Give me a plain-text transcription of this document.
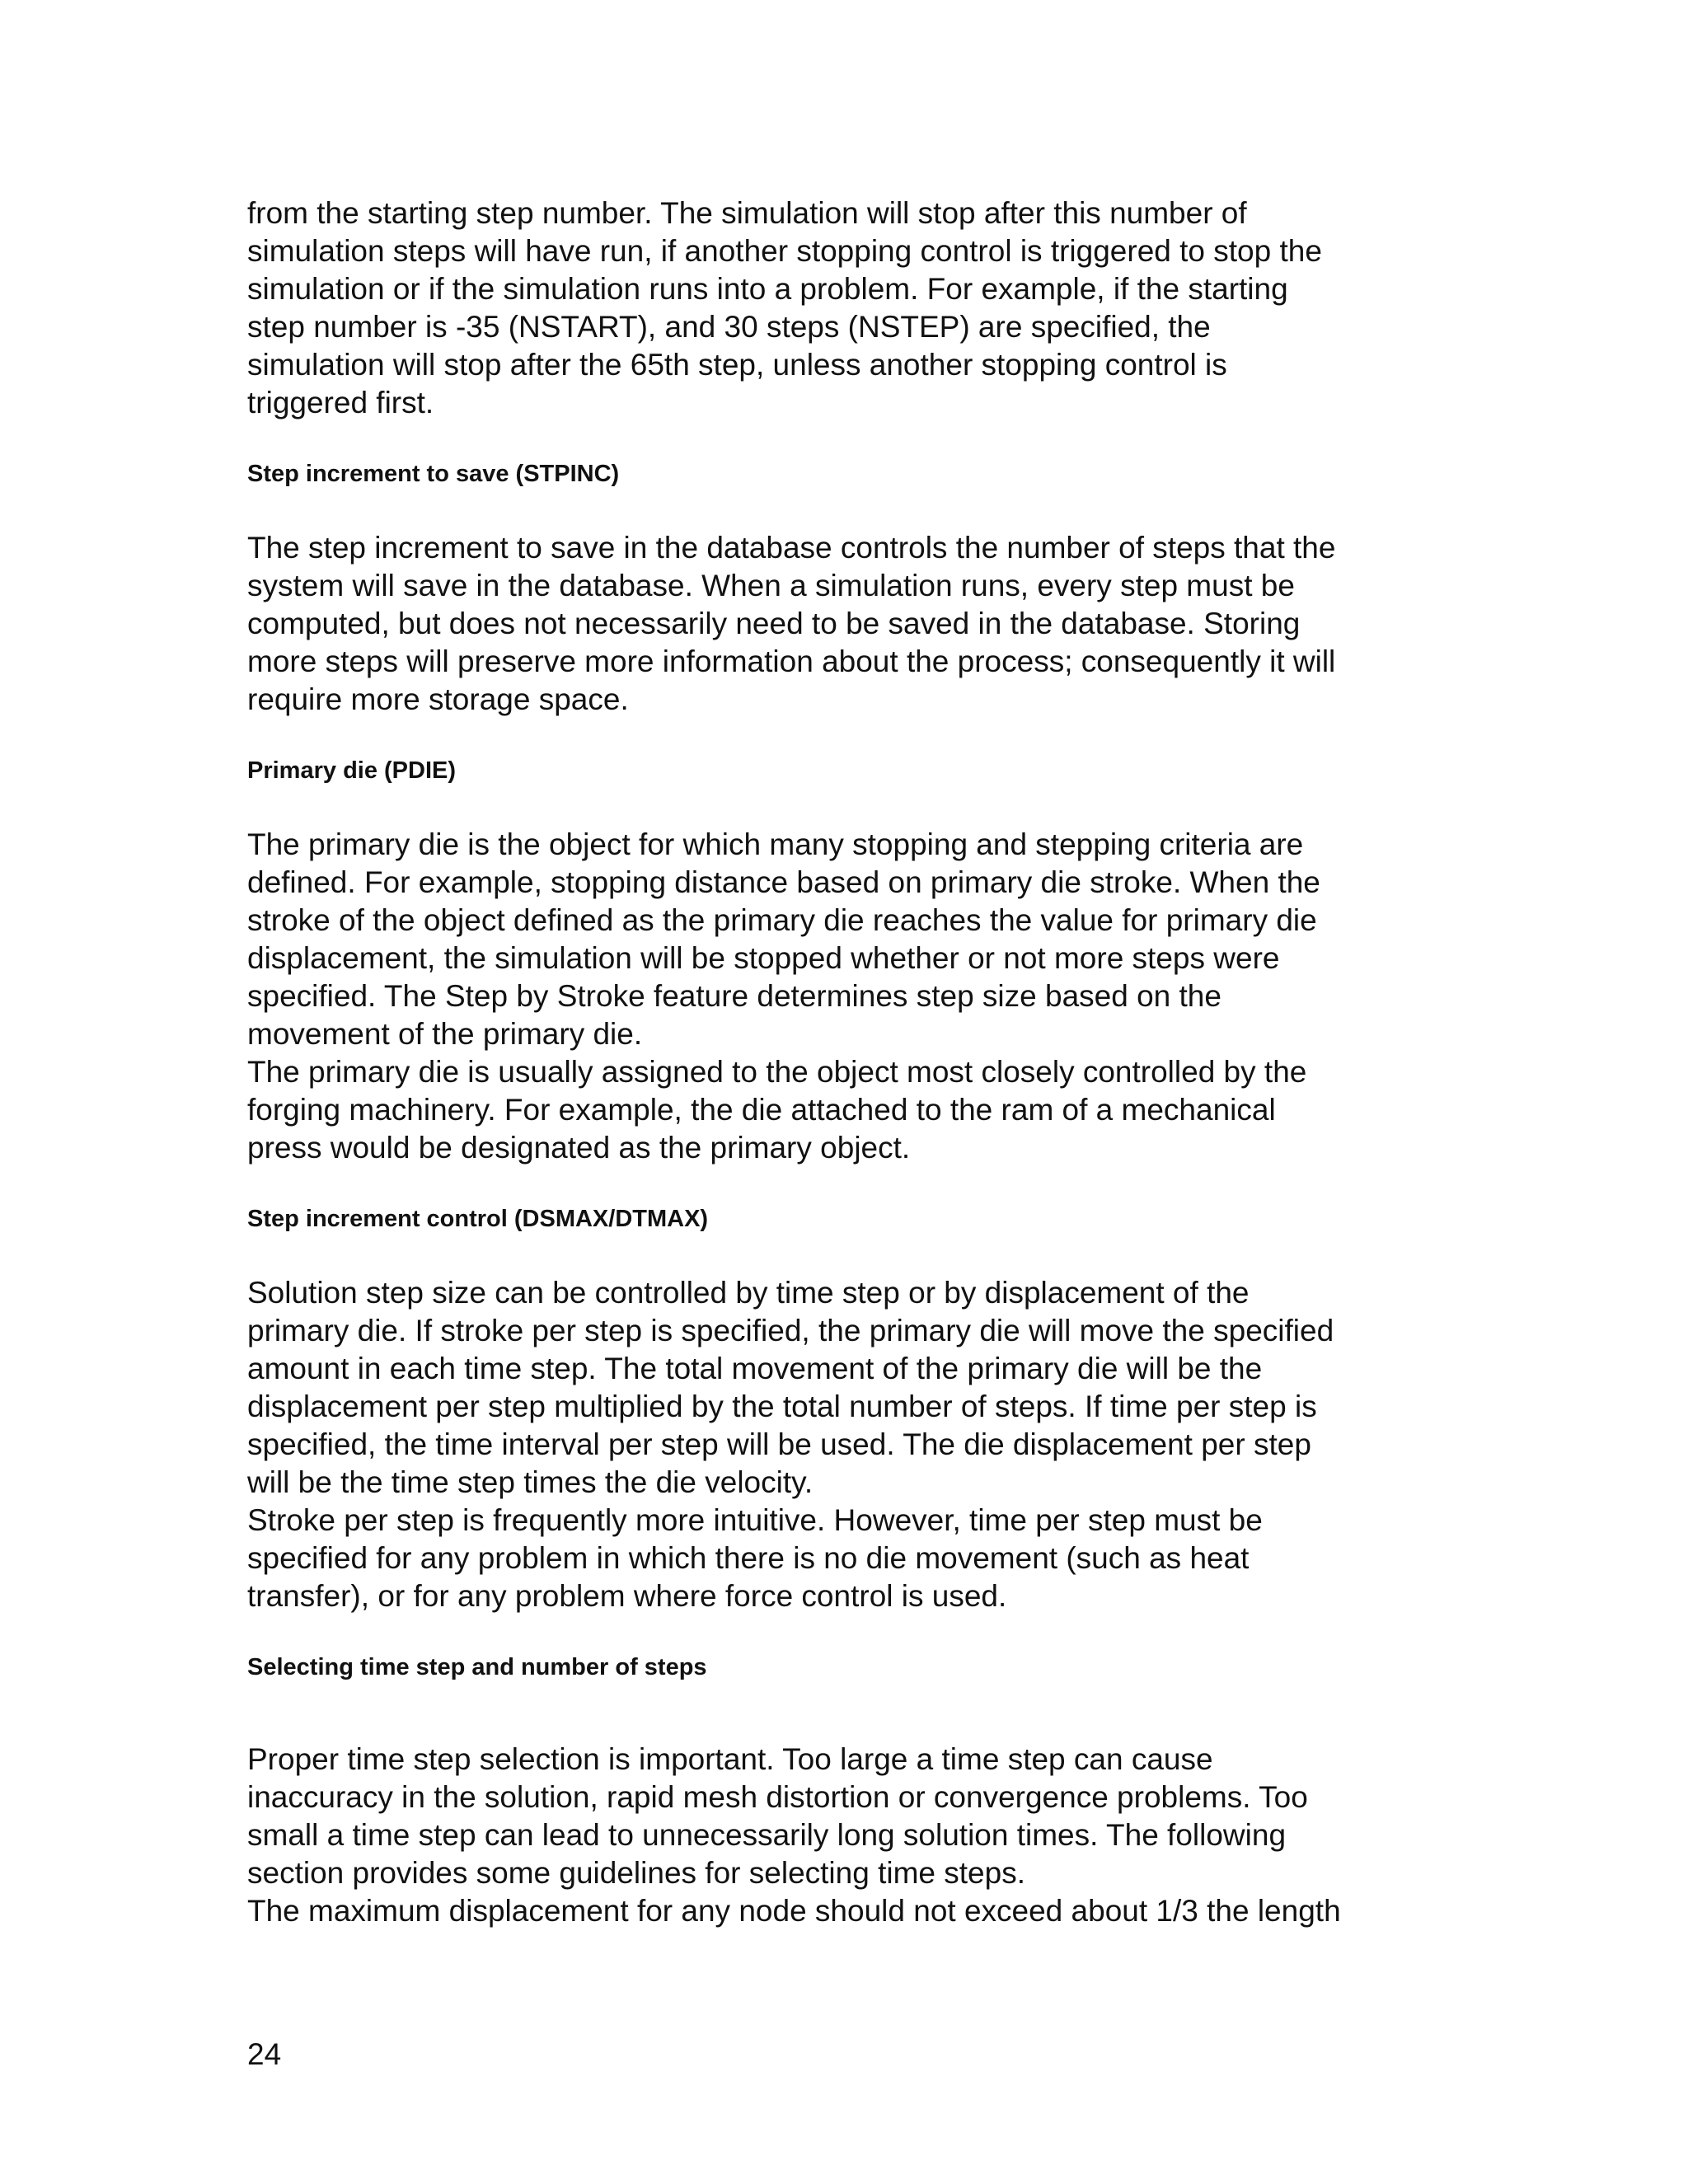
from the starting step number. The simulation will stop after this number of
simulation steps will have run, if another stopping control is triggered to stop the
simulation or if the simulation runs into a problem. For example, if the starting
step number is -35 (NSTART), and 30 steps (NSTEP) are specified, the
simulation will stop after the 65th step, unless another stopping control is
triggered first.

Step increment to save (STPINC)

The step increment to save in the database controls the number of steps that the
system will save in the database. When a simulation runs, every step must be
computed, but does not necessarily need to be saved in the database. Storing
more steps will preserve more information about the process; consequently it will
require more storage space.

Primary die (PDIE)

The primary die is the object for which many stopping and stepping criteria are
defined. For example, stopping distance based on primary die stroke. When the
stroke of the object defined as the primary die reaches the value for primary die
displacement, the simulation will be stopped whether or not more steps were
specified. The Step by Stroke feature determines step size based on the
movement of the primary die.
The primary die is usually assigned to the object most closely controlled by the
forging machinery. For example, the die attached to the ram of a mechanical
press would be designated as the primary object.

Step increment control (DSMAX/DTMAX)

Solution step size can be controlled by time step or by displacement of the
primary die. If stroke per step is specified, the primary die will move the specified
amount in each time step. The total movement of the primary die will be the
displacement per step multiplied by the total number of steps. If time per step is
specified, the time interval per step will be used. The die displacement per step
will be the time step times the die velocity.
Stroke per step is frequently more intuitive. However, time per step must be
specified for any problem in which there is no die movement (such as heat
transfer), or for any problem where force control is used.

Selecting time step and number of steps

Proper time step selection is important. Too large a time step can cause
inaccuracy in the solution, rapid mesh distortion or convergence problems. Too
small a time step can lead to unnecessarily long solution times. The following
section provides some guidelines for selecting time steps.
The maximum displacement for any node should not exceed about 1/3 the length

24
